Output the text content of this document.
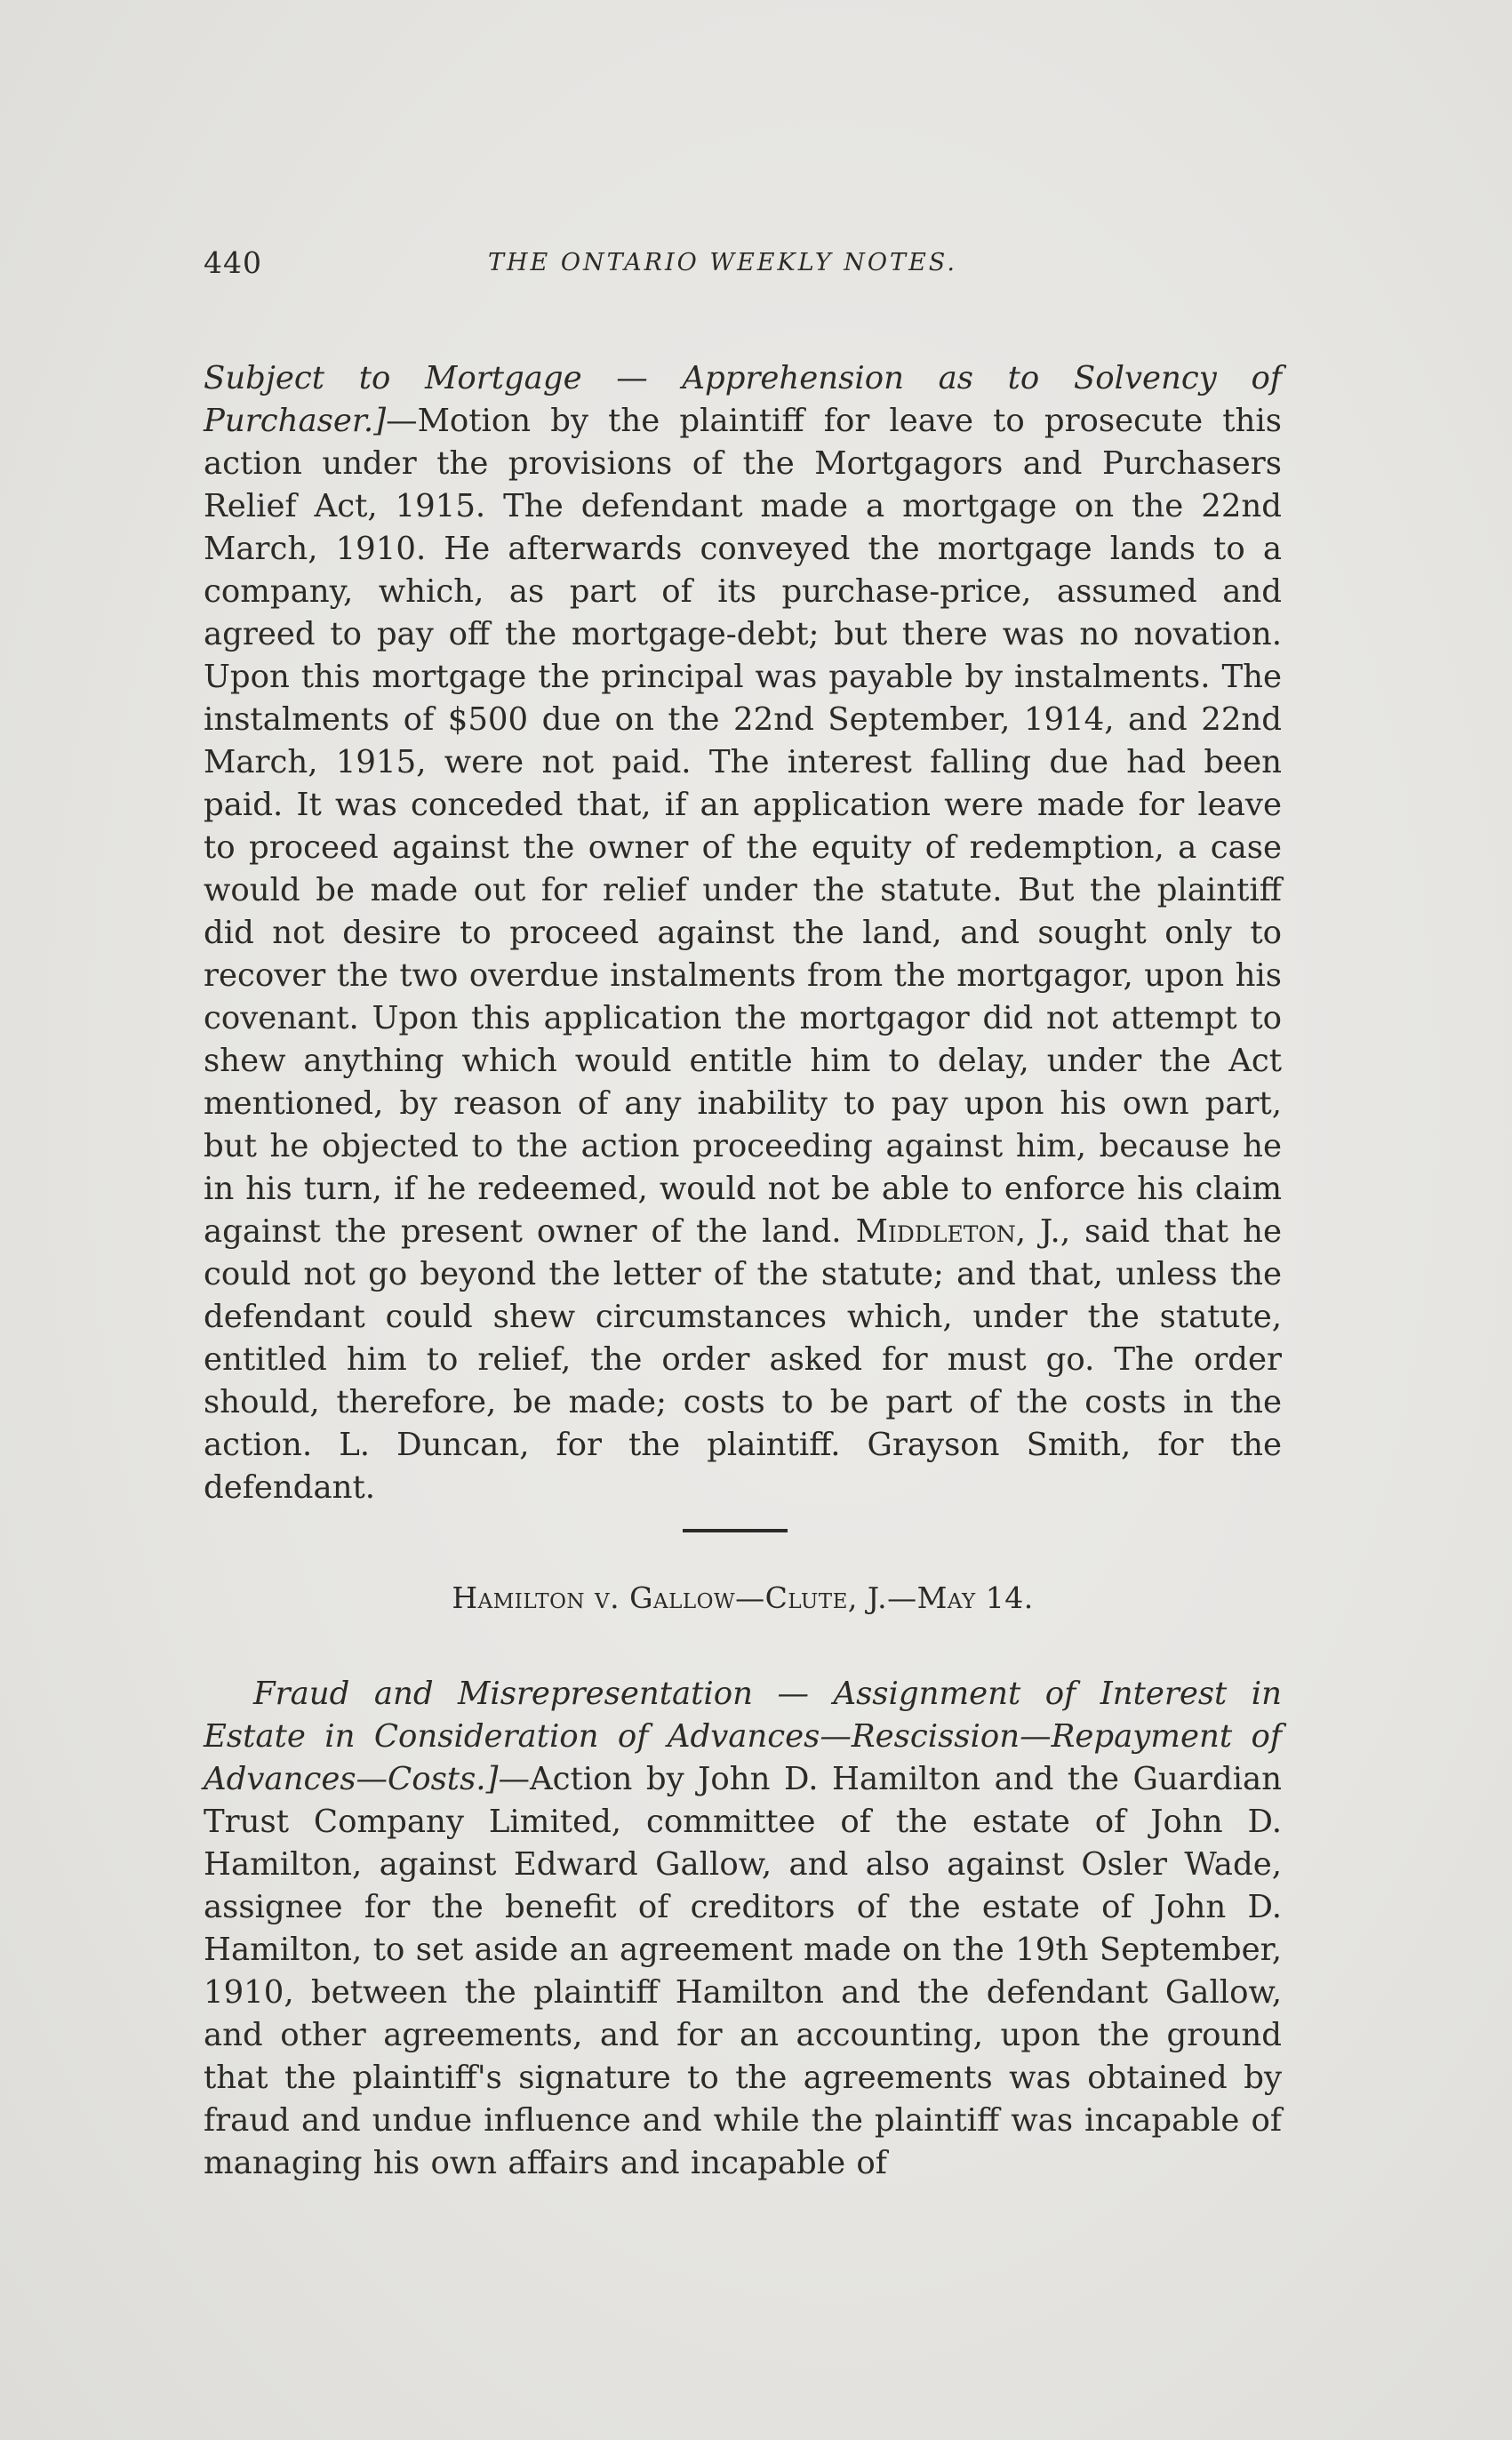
440	THE ONTARIO WEEKLY NOTES.

Subject to Mortgage — Apprehension as to Solvency of Purchaser.]—Motion by the plaintiff for leave to prosecute this action under the provisions of the Mortgagors and Purchasers Relief Act, 1915. The defendant made a mortgage on the 22nd March, 1910. He afterwards conveyed the mortgage lands to a company, which, as part of its purchase-price, assumed and agreed to pay off the mortgage-debt; but there was no novation. Upon this mortgage the principal was payable by instalments. The instalments of $500 due on the 22nd September, 1914, and 22nd March, 1915, were not paid. The interest falling due had been paid. It was conceded that, if an application were made for leave to proceed against the owner of the equity of redemption, a case would be made out for relief under the statute. But the plaintiff did not desire to proceed against the land, and sought only to recover the two overdue instalments from the mortgagor, upon his covenant. Upon this application the mortgagor did not attempt to shew anything which would entitle him to delay, under the Act mentioned, by reason of any inability to pay upon his own part, but he objected to the action proceeding against him, because he in his turn, if he redeemed, would not be able to enforce his claim against the present owner of the land. Middleton, J., said that he could not go beyond the letter of the statute; and that, unless the defendant could shew circumstances which, under the statute, entitled him to relief, the order asked for must go. The order should, therefore, be made; costs to be part of the costs in the action. L. Duncan, for the plaintiff. Grayson Smith, for the defendant.

Hamilton v. Gallow—Clute, J.—May 14.

Fraud and Misrepresentation — Assignment of Interest in Estate in Consideration of Advances—Rescission—Repayment of Advances—Costs.]—Action by John D. Hamilton and the Guardian Trust Company Limited, committee of the estate of John D. Hamilton, against Edward Gallow, and also against Osler Wade, assignee for the benefit of creditors of the estate of John D. Hamilton, to set aside an agreement made on the 19th September, 1910, between the plaintiff Hamilton and the defendant Gallow, and other agreements, and for an accounting, upon the ground that the plaintiff's signature to the agreements was obtained by fraud and undue influence and while the plaintiff was incapable of managing his own affairs and incapable of
